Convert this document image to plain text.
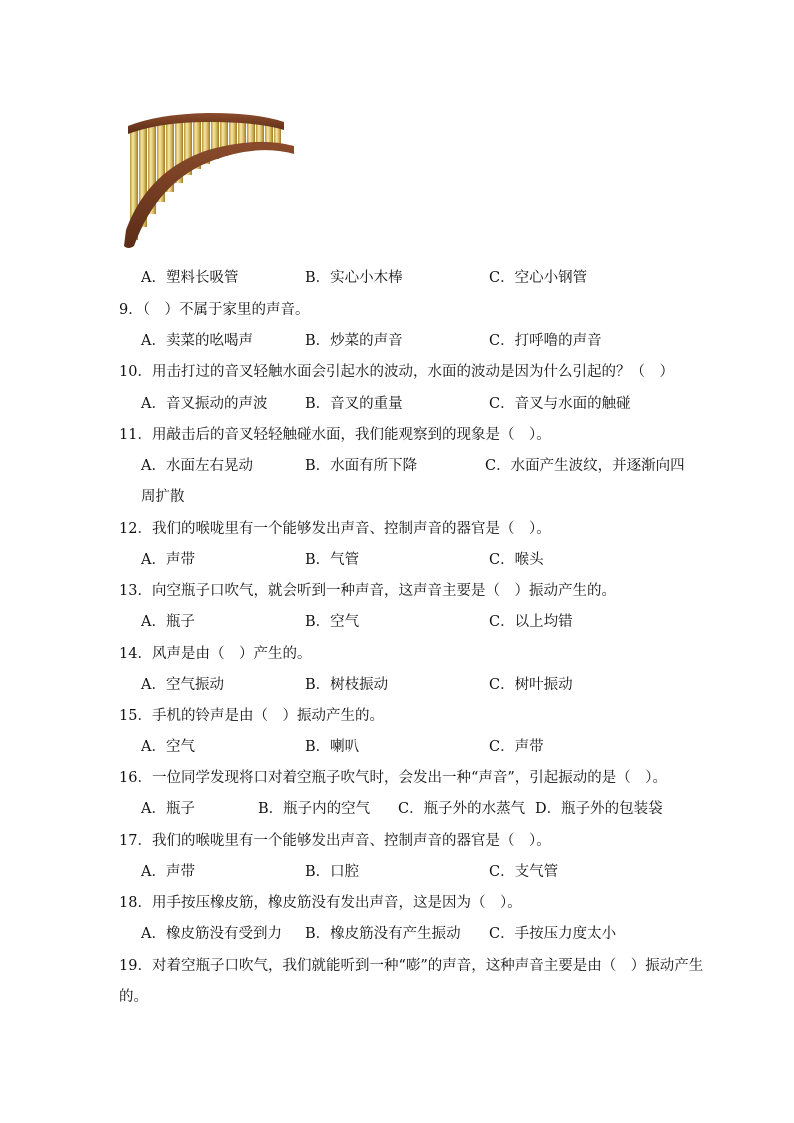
A．塑料长吸管	B．实心小木棒	C．空心小钢管
9．（　）不属于家里的声音。
A．卖菜的吆喝声	B．炒菜的声音	C．打呼噜的声音
10．用击打过的音叉轻触水面会引起水的波动，水面的波动是因为什么引起的？（　）
A．音叉振动的声波	B．音叉的重量	C．音叉与水面的触碰
11．用敲击后的音叉轻轻触碰水面，我们能观察到的现象是（　）。
A．水面左右晃动	B．水面有所下降	C．水面产生波纹，并逐渐向四
周扩散
12．我们的喉咙里有一个能够发出声音、控制声音的器官是（　）。
A．声带	B．气管	C．喉头
13．向空瓶子口吹气，就会听到一种声音，这声音主要是（　）振动产生的。
A．瓶子	B．空气	C．以上均错
14．风声是由（　）产生的。
A．空气振动	B．树枝振动	C．树叶振动
15．手机的铃声是由（　）振动产生的。
A．空气	B．喇叭	C．声带
16．一位同学发现将口对着空瓶子吹气时，会发出一种“声音”，引起振动的是（　）。
A．瓶子	B．瓶子内的空气 C．瓶子外的水蒸气 D．瓶子外的包装袋
17．我们的喉咙里有一个能够发出声音、控制声音的器官是（　）。
A．声带	B．口腔	C．支气管
18．用手按压橡皮筋，橡皮筋没有发出声音，这是因为（　）。
A．橡皮筋没有受到力 B．橡皮筋没有产生振动 C．手按压力度太小
19．对着空瓶子口吹气，我们就能听到一种“嘭”的声音，这种声音主要是由（　）振动产生
的。
